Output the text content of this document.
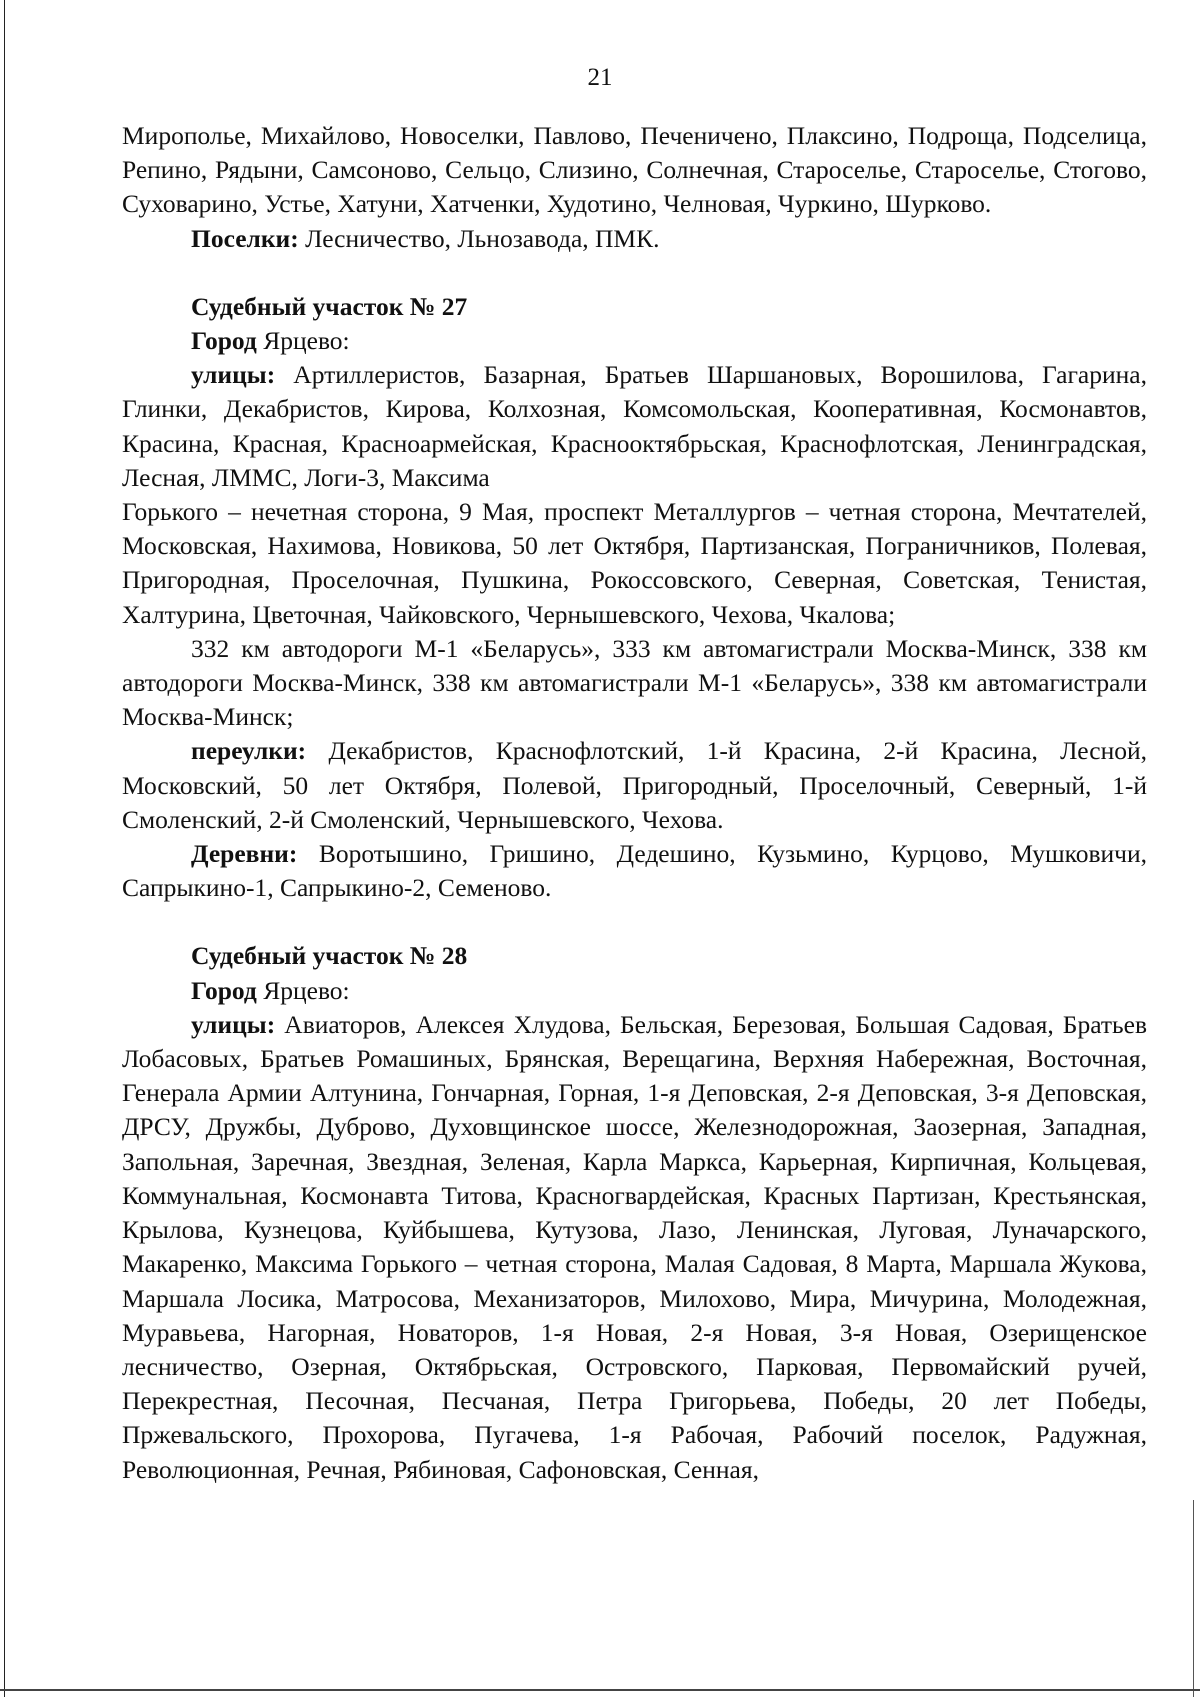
21

Мирополье, Михайлово, Новоселки, Павлово, Печеничено, Плаксино, Подроща, Подселица, Репино, Рядыни, Самсоново, Сельцо, Слизино, Солнечная, Староселье, Староселье, Стогово, Суховарино, Устье, Хатуни, Хатченки, Худотино, Челновая, Чуркино, Шурково.

Поселки: Лесничество, Льнозавода, ПМК.

Судебный участок № 27

Город Ярцево:

улицы: Артиллеристов, Базарная, Братьев Шаршановых, Ворошилова, Гагарина, Глинки, Декабристов, Кирова, Колхозная, Комсомольская, Кооперативная, Космонавтов, Красина, Красная, Красноармейская, Краснооктябрьская, Краснофлотская, Ленинградская, Лесная, ЛММС, Логи-3, Максима

Горького – нечетная сторона, 9 Мая, проспект Металлургов – четная сторона, Мечтателей, Московская, Нахимова, Новикова, 50 лет Октября, Партизанская, Пограничников, Полевая, Пригородная, Проселочная, Пушкина, Рокоссовского, Северная, Советская, Тенистая, Халтурина, Цветочная, Чайковского, Чернышевского, Чехова, Чкалова;

332 км автодороги М-1 «Беларусь», 333 км автомагистрали Москва-Минск, 338 км автодороги Москва-Минск, 338 км автомагистрали М-1 «Беларусь», 338 км автомагистрали Москва-Минск;

переулки: Декабристов, Краснофлотский, 1-й Красина, 2-й Красина, Лесной, Московский, 50 лет Октября, Полевой, Пригородный, Проселочный, Северный, 1-й Смоленский, 2-й Смоленский, Чернышевского, Чехова.

Деревни: Воротышино, Гришино, Дедешино, Кузьмино, Курцово, Мушковичи, Сапрыкино-1, Сапрыкино-2, Семеново.

Судебный участок № 28

Город Ярцево:

улицы: Авиаторов, Алексея Хлудова, Бельская, Березовая, Большая Садовая, Братьев Лобасовых, Братьев Ромашиных, Брянская, Верещагина, Верхняя Набережная, Восточная, Генерала Армии Алтунина, Гончарная, Горная, 1-я Деповская, 2-я Деповская, 3-я Деповская, ДРСУ, Дружбы, Дуброво, Духовщинское шоссе, Железнодорожная, Заозерная, Западная, Запольная, Заречная, Звездная, Зеленая, Карла Маркса, Карьерная, Кирпичная, Кольцевая, Коммунальная, Космонавта Титова, Красногвардейская, Красных Партизан, Крестьянская, Крылова, Кузнецова, Куйбышева, Кутузова, Лазо, Ленинская, Луговая, Луначарского, Макаренко, Максима Горького – четная сторона, Малая Садовая, 8 Марта, Маршала Жукова, Маршала Лосика, Матросова, Механизаторов, Милохово, Мира, Мичурина, Молодежная, Муравьева, Нагорная, Новаторов, 1-я Новая, 2-я Новая, 3-я Новая, Озерищенское лесничество, Озерная, Октябрьская, Островского, Парковая, Первомайский ручей, Перекрестная, Песочная, Песчаная, Петра Григорьева, Победы, 20 лет Победы, Пржевальского, Прохорова, Пугачева, 1-я Рабочая, Рабочий поселок, Радужная, Революционная, Речная, Рябиновая, Сафоновская, Сенная,
